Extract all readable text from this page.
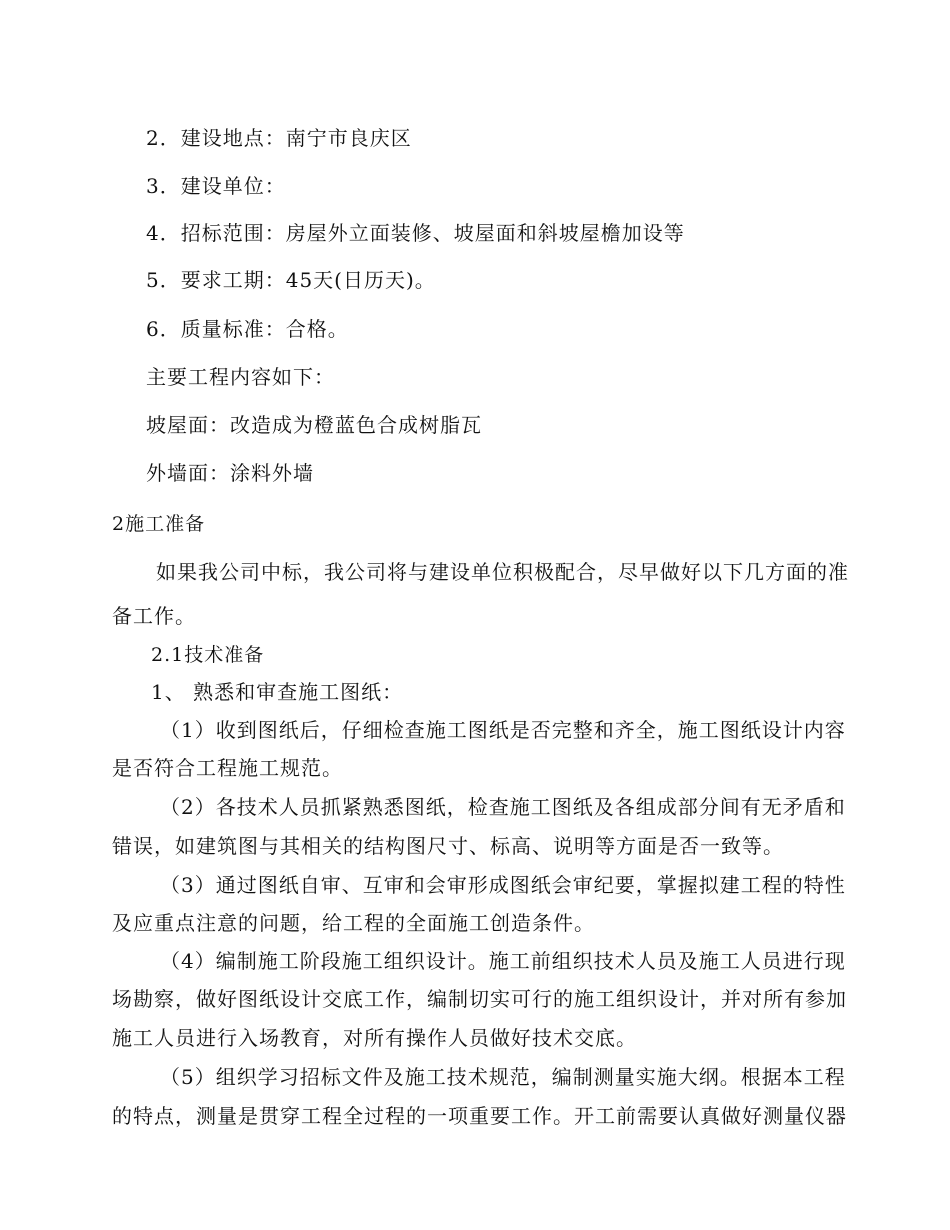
2．建设地点：南宁市良庆区
3．建设单位：
4．招标范围：房屋外立面装修、坡屋面和斜坡屋檐加设等
5．要求工期：45天(日历天)。
6．质量标准：合格。
主要工程内容如下：
坡屋面：改造成为橙蓝色合成树脂瓦
外墙面：涂料外墙
2施工准备
如果我公司中标，我公司将与建设单位积极配合，尽早做好以下几方面的准
备工作。
2.1技术准备
1、 熟悉和审查施工图纸：
（1）收到图纸后，仔细检查施工图纸是否完整和齐全，施工图纸设计内容
是否符合工程施工规范。
（2）各技术人员抓紧熟悉图纸，检查施工图纸及各组成部分间有无矛盾和
错误，如建筑图与其相关的结构图尺寸、标高、说明等方面是否一致等。
（3）通过图纸自审、互审和会审形成图纸会审纪要，掌握拟建工程的特性
及应重点注意的问题，给工程的全面施工创造条件。
（4）编制施工阶段施工组织设计。施工前组织技术人员及施工人员进行现
场勘察，做好图纸设计交底工作，编制切实可行的施工组织设计，并对所有参加
施工人员进行入场教育，对所有操作人员做好技术交底。
（5）组织学习招标文件及施工技术规范，编制测量实施大纲。根据本工程
的特点，测量是贯穿工程全过程的一项重要工作。开工前需要认真做好测量仪器
